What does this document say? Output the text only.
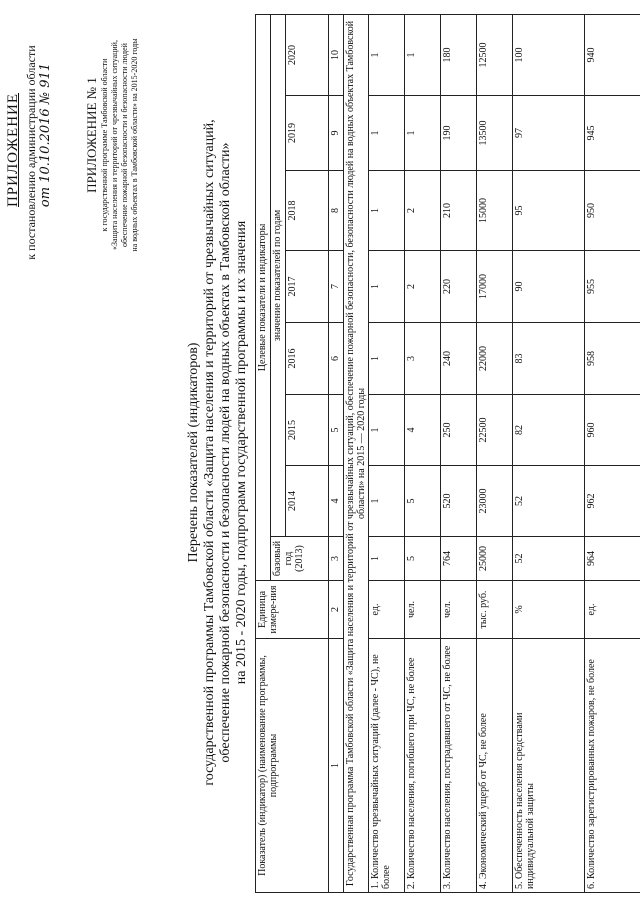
ПРИЛОЖЕНИЕ к постановлению администрации области от 10.10.2016 № 911 ПРИЛОЖЕНИЕ № 1 к государственной программе Тамбовской области «Защита населения и территорий от чрезвычайных ситуаций, обеспечение пожарной безопасности и безопасности людей на водных объектах в Тамбовской области» на 2015-2020 годы
Перечень показателей (индикаторов) государственной программы Тамбовской области «Защита населения и территорий от чрезвычайных ситуаций, обеспечение пожарной безопасности и безопасности людей на водных объектах в Тамбовской области» на 2015 - 2020 годы, подпрограмм государственной программы и их значения
Показатель (индикатор) (наименование программы, подпрограммы	Единица измере-ния	Целевые показатели и индикаторы							
		базовый год (2013)	значение показателей по годам						
			2014	2015	2016	2017	2018	2019	2020
1	2	3	4	5	6	7	8	9	10
Государственная программа Тамбовской области «Защита населения и территорий от чрезвычайных ситуаций, обеспечение пожарной безопасности, безопасности людей на водных объектах Тамбовской области» на 2015 — 2020 годы									
1. Количество чрезвычайных ситуаций (далее - ЧС), не более	ед.	1	1	1	1	1	1	1	1
2. Количество населения, погибшего при ЧС, не более	чел.	5	5	4	3	2	2	1	1
3. Количество населения, пострадавшего от ЧС, не более	чел.	764	520	250	240	220	210	190	180
4. Экономический ущерб от ЧС, не более	тыс. руб.	25000	23000	22500	22000	17000	15000	13500	12500
5. Обеспеченность населения средствами индивидуальной защиты	%	52	52	82	83	90	95	97	100
6. Количество зарегистрированных пожаров, не более	ед.	964	962	960	958	955	950	945	940
